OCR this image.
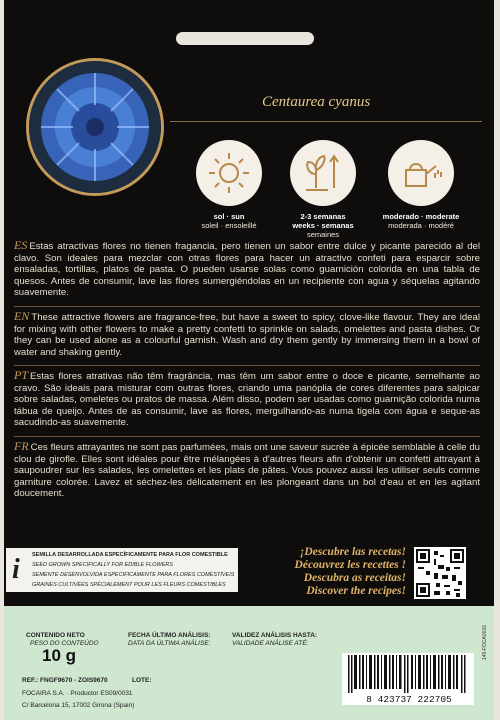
Centaurea cyanus
sol · sun
soleil · ensoleillé
2-3 semanas
weeks · semanas
semaines
moderado · moderate
moderada · modéré
ES Estas atractivas flores no tienen fragancia, pero tienen un sabor entre dulce y picante parecido al del clavo. Son ideales para mezclar con otras flores para hacer un atractivo confeti para esparcir sobre ensaladas, tortillas, platos de pasta. O pueden usarse solas como guarnición colorida en una tabla de quesos. Antes de consumir, lave las flores sumergiéndolas en un recipiente con agua y séquelas agitando suavemente.
EN These attractive flowers are fragrance-free, but have a sweet to spicy, clove-like flavour. They are ideal for mixing with other flowers to make a pretty confetti to sprinkle on salads, omelettes and pasta dishes. Or they can be used alone as a colourful garnish. Wash and dry them gently by immersing them in a bowl of water and shaking gently.
PT Estas flores atrativas não têm fragrância, mas têm um sabor entre o doce e picante, semelhante ao cravo. São ideais para misturar com outras flores, criando uma panóplia de cores diferentes para salpicar sobre saladas, omeletes ou pratos de massa. Além disso, podem ser usadas como guarnição colorida numa tábua de queijo. Antes de as consumir, lave as flores, mergulhando-as numa tigela com água e seque-as sacudindo-as suavemente.
FR Ces fleurs attrayantes ne sont pas parfumées, mais ont une saveur sucrée à épicée semblable à celle du clou de girofle. Elles sont idéales pour être mélangées à d'autres fleurs afin d'obtenir un confetti attrayant à saupoudrer sur les salades, les omelettes et les plats de pâtes. Vous pouvez aussi les utiliser seuls comme garniture colorée. Lavez et séchez-les délicatement en les plongeant dans un bol d'eau et en les agitant doucement.
i SEMILLA DESARROLLADA ESPECÍFICAMENTE PARA FLOR COMESTIBLE
SEED GROWN SPECIFICALLY FOR EDIBLE FLOWERS
SEMENTE DESENVOLVIDA ESPECIFICAMENTE PARA FLORES COMESTÍVEIS
GRAINES CULTIVÉES SPÉCIALEMENT POUR LES FLEURS COMESTIBLES
¡Descubre las recetas!
Découvrez les recettes !
Descubra as receitas!
Discover the recipes!
CONTENIDO NETO
PESO DO CONTEÚDO
10 g
FECHA ÚLTIMO ANÁLISIS:
DATA DA ÚLTIMA ANÁLISE:
VALIDEZ ANÁLISIS HASTA:
VALIDADE ANÁLISE ATÉ:
REF.: FNGF9670 - ZOIS9670	LOTE:
FOCAIRA S.A. · Productor ES09/0031
C/ Barcelona 15, 17002 Girona (Spain)
8 423737 222705
145-FOCA0016
